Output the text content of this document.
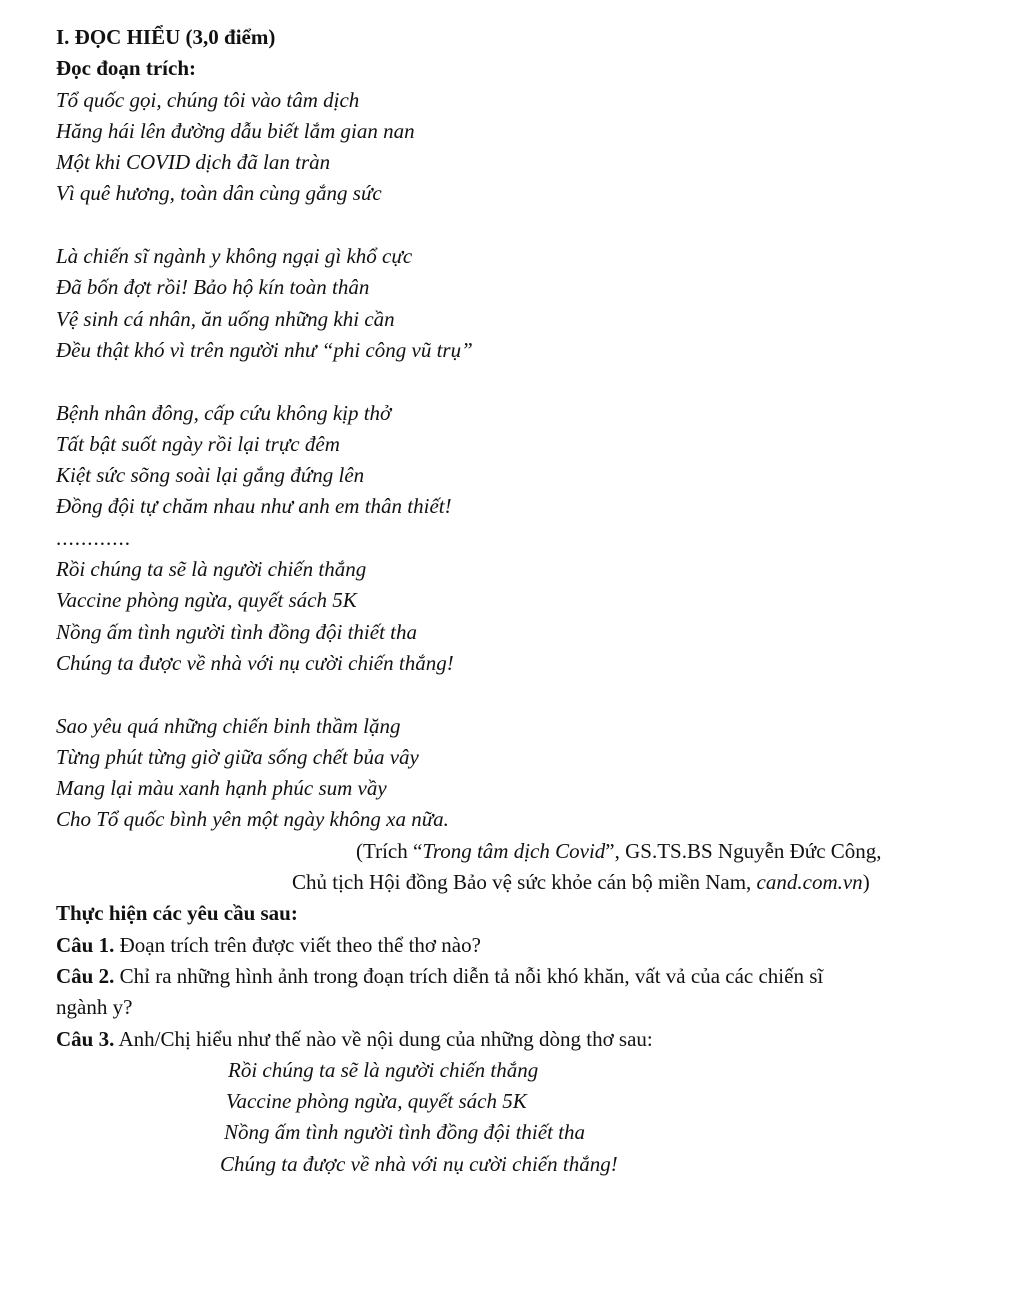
I. ĐỌC HIỂU (3,0 điểm)
Đọc đoạn trích:
Tổ quốc gọi, chúng tôi vào tâm dịch
Hăng hái lên đường dẫu biết lắm gian nan
Một khi COVID dịch đã lan tràn
Vì quê hương, toàn dân cùng gắng sức
Là chiến sĩ ngành y không ngại gì khổ cực
Đã bốn đợt rồi! Bảo hộ kín toàn thân
Vệ sinh cá nhân, ăn uống những khi cần
Đều thật khó vì trên người như “phi công vũ trụ”
Bệnh nhân đông, cấp cứu không kịp thở
Tất bật suốt ngày rồi lại trực đêm
Kiệt sức sõng soài lại gắng đứng lên
Đồng đội tự chăm nhau như anh em thân thiết!
............
Rồi chúng ta sẽ là người chiến thắng
Vaccine phòng ngừa, quyết sách 5K
Nồng ấm tình người tình đồng đội thiết tha
Chúng ta được về nhà với nụ cười chiến thắng!
Sao yêu quá những chiến binh thầm lặng
Từng phút từng giờ giữa sống chết bủa vây
Mang lại màu xanh hạnh phúc sum vầy
Cho Tổ quốc bình yên một ngày không xa nữa.
(Trích “Trong tâm dịch Covid”, GS.TS.BS Nguyễn Đức Công,
Chủ tịch Hội đồng Bảo vệ sức khỏe cán bộ miền Nam, cand.com.vn)
Thực hiện các yêu cầu sau:
Câu 1. Đoạn trích trên được viết theo thể thơ nào?
Câu 2. Chỉ ra những hình ảnh trong đoạn trích diễn tả nỗi khó khăn, vất vả của các chiến sĩ
ngành y?
Câu 3. Anh/Chị hiểu như thế nào về nội dung của những dòng thơ sau:
Rồi chúng ta sẽ là người chiến thắng
Vaccine phòng ngừa, quyết sách 5K
Nồng ấm tình người tình đồng đội thiết tha
Chúng ta được về nhà với nụ cười chiến thắng!
